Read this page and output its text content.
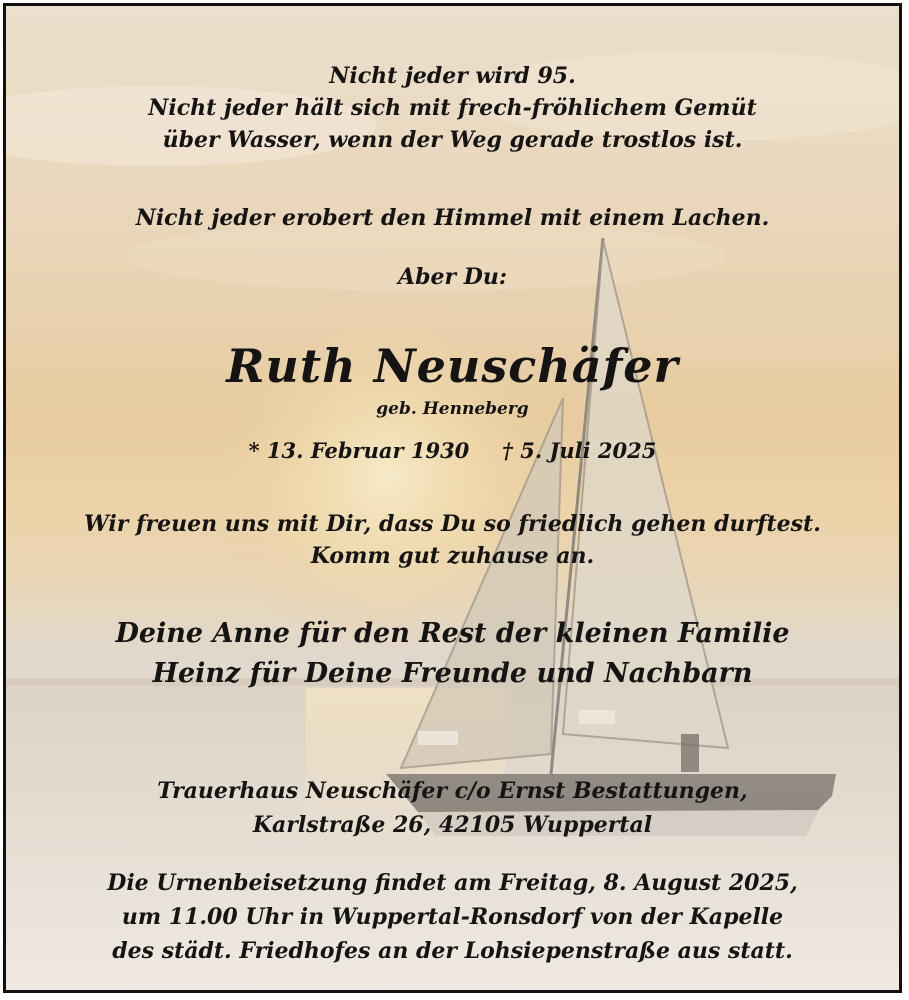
Nicht jeder wird 95.
Nicht jeder hält sich mit frech-fröhlichem Gemüt
über Wasser, wenn der Weg gerade trostlos ist.
Nicht jeder erobert den Himmel mit einem Lachen.
Aber Du:
Ruth Neuschäfer
geb. Henneberg
* 13. Februar 1930 † 5. Juli 2025
Wir freuen uns mit Dir, dass Du so friedlich gehen durftest.
Komm gut zuhause an.
Deine Anne für den Rest der kleinen Familie
Heinz für Deine Freunde und Nachbarn
Trauerhaus Neuschäfer c/o Ernst Bestattungen,
Karlstraße 26, 42105 Wuppertal
Die Urnenbeisetzung findet am Freitag, 8. August 2025,
um 11.00 Uhr in Wuppertal-Ronsdorf von der Kapelle
des städt. Friedhofes an der Lohsiepenstraße aus statt.
